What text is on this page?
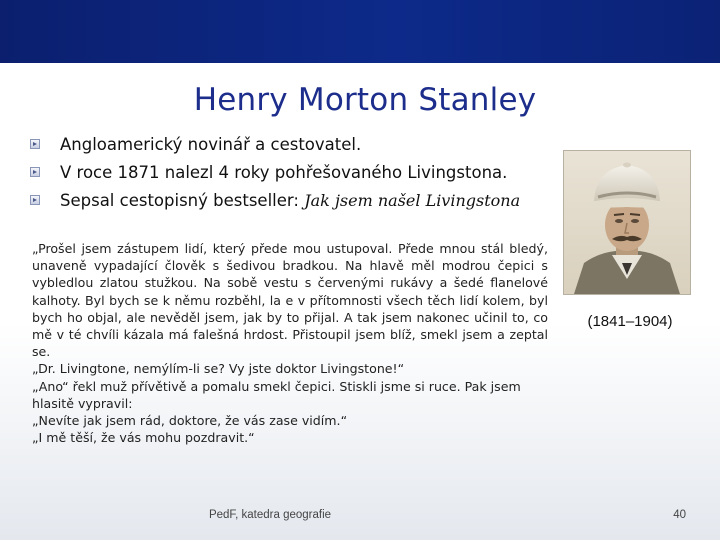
Henry Morton Stanley
Angloamerický novinář a cestovatel.
V roce 1871 nalezl 4 roky pohřešovaného Livingstona.
Sepsal cestopisný bestseller: Jak jsem našel Livingstona
(1841–1904)

„Prošel jsem zástupem lidí, který přede mou ustupoval. Přede mnou stál bledý, unaveně vypadající člověk s šedivou bradkou. Na hlavě měl modrou čepici s vybledlou zlatou stužkou. Na sobě vestu s červenými rukávy a šedé flanelové kalhoty. Byl bych se k němu rozběhl, la e v přítomnosti všech těch lidí kolem, byl bych ho objal, ale nevěděl jsem, jak by to přijal. A tak jsem nakonec učinil to, co mě v té chvíli kázala má falešná hrdost. Přistoupil jsem blíž, smekl jsem a zeptal se.

„Dr. Livingtone, nemýlím-li se? Vy jste doktor Livingstone!“

„Ano“ řekl muž přívětivě a pomalu smekl čepici. Stiskli jsme si ruce. Pak jsem hlasitě vypravil:

„Nevíte jak jsem rád, doktore, že vás zase vidím.“

„I mě těší, že vás mohu pozdravit.“

PedF, katedra geografie	40
